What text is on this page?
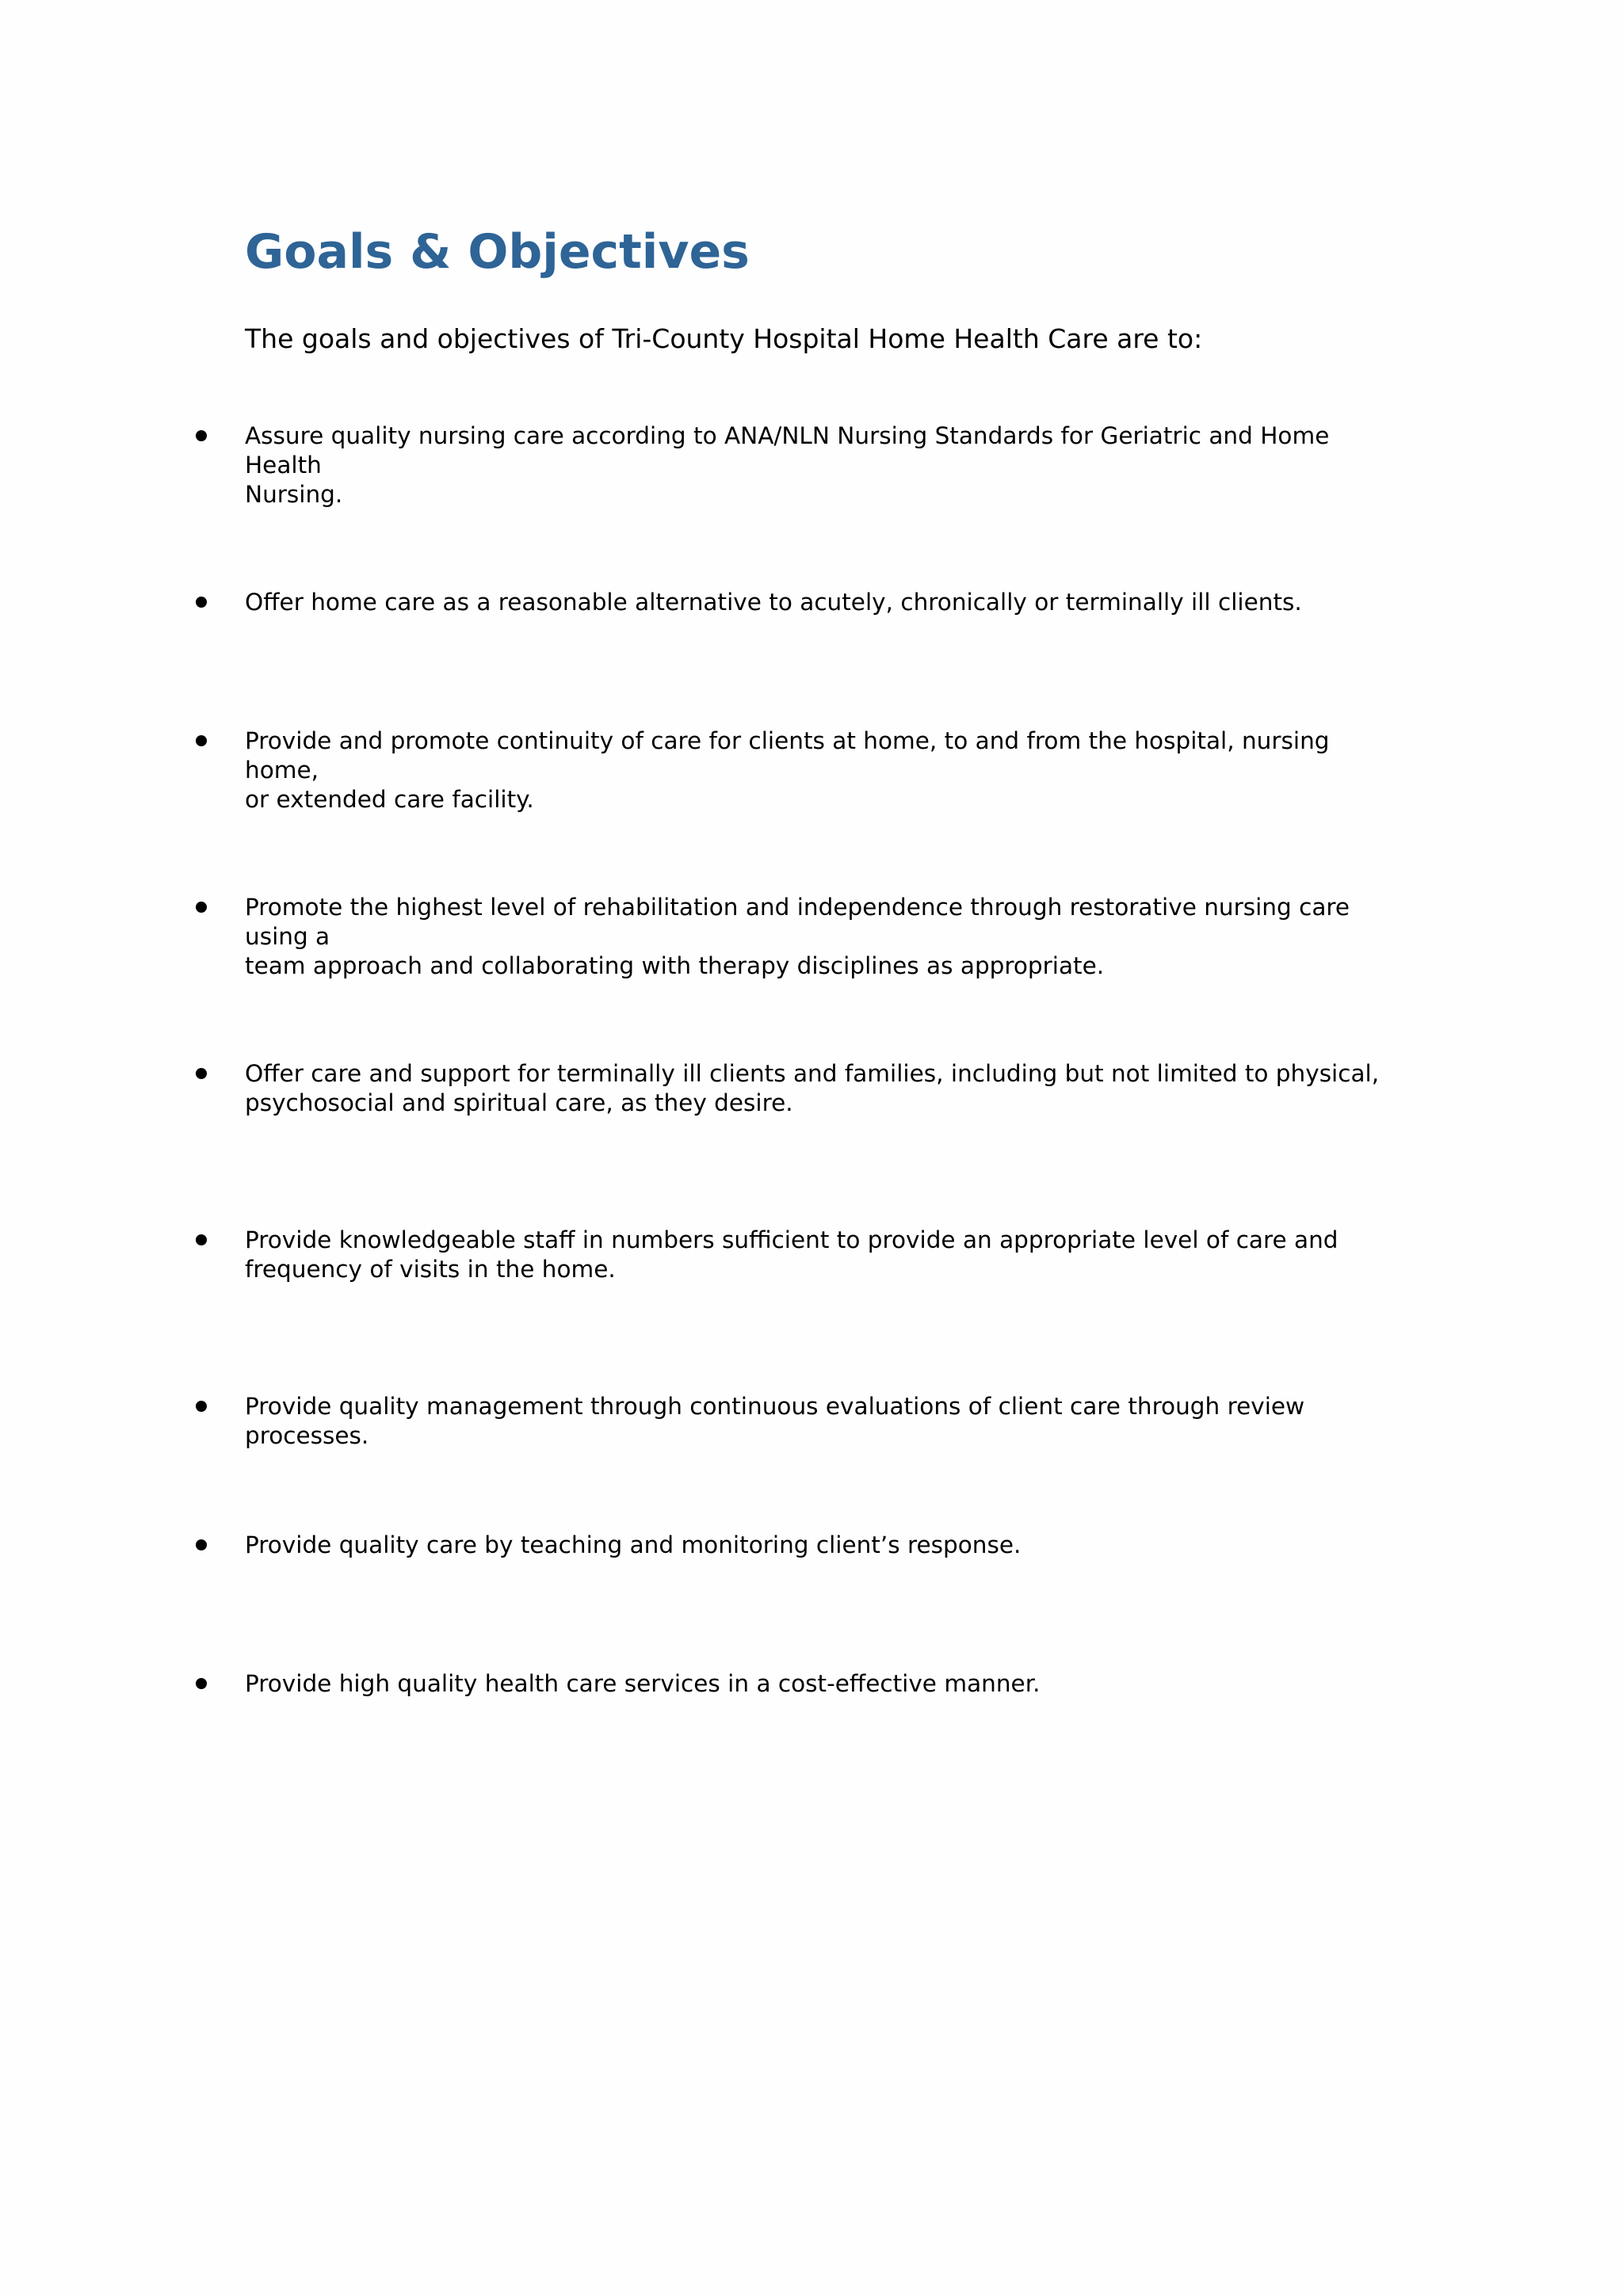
Goals & Objectives

The goals and objectives of Tri-County Hospital Home Health Care are to:

Assure quality nursing care according to ANA/NLN Nursing Standards for Geriatric and Home Health
Nursing.
Offer home care as a reasonable alternative to acutely, chronically or terminally ill clients.
Provide and promote continuity of care for clients at home, to and from the hospital, nursing home,
or extended care facility.
Promote the highest level of rehabilitation and independence through restorative nursing care using a
team approach and collaborating with therapy disciplines as appropriate.
Offer care and support for terminally ill clients and families, including but not limited to physical,
psychosocial and spiritual care, as they desire.
Provide knowledgeable staff in numbers sufficient to provide an appropriate level of care and
frequency of visits in the home.
Provide quality management through continuous evaluations of client care through review processes.
Provide quality care by teaching and monitoring client’s response.
Provide high quality health care services in a cost-effective manner.
